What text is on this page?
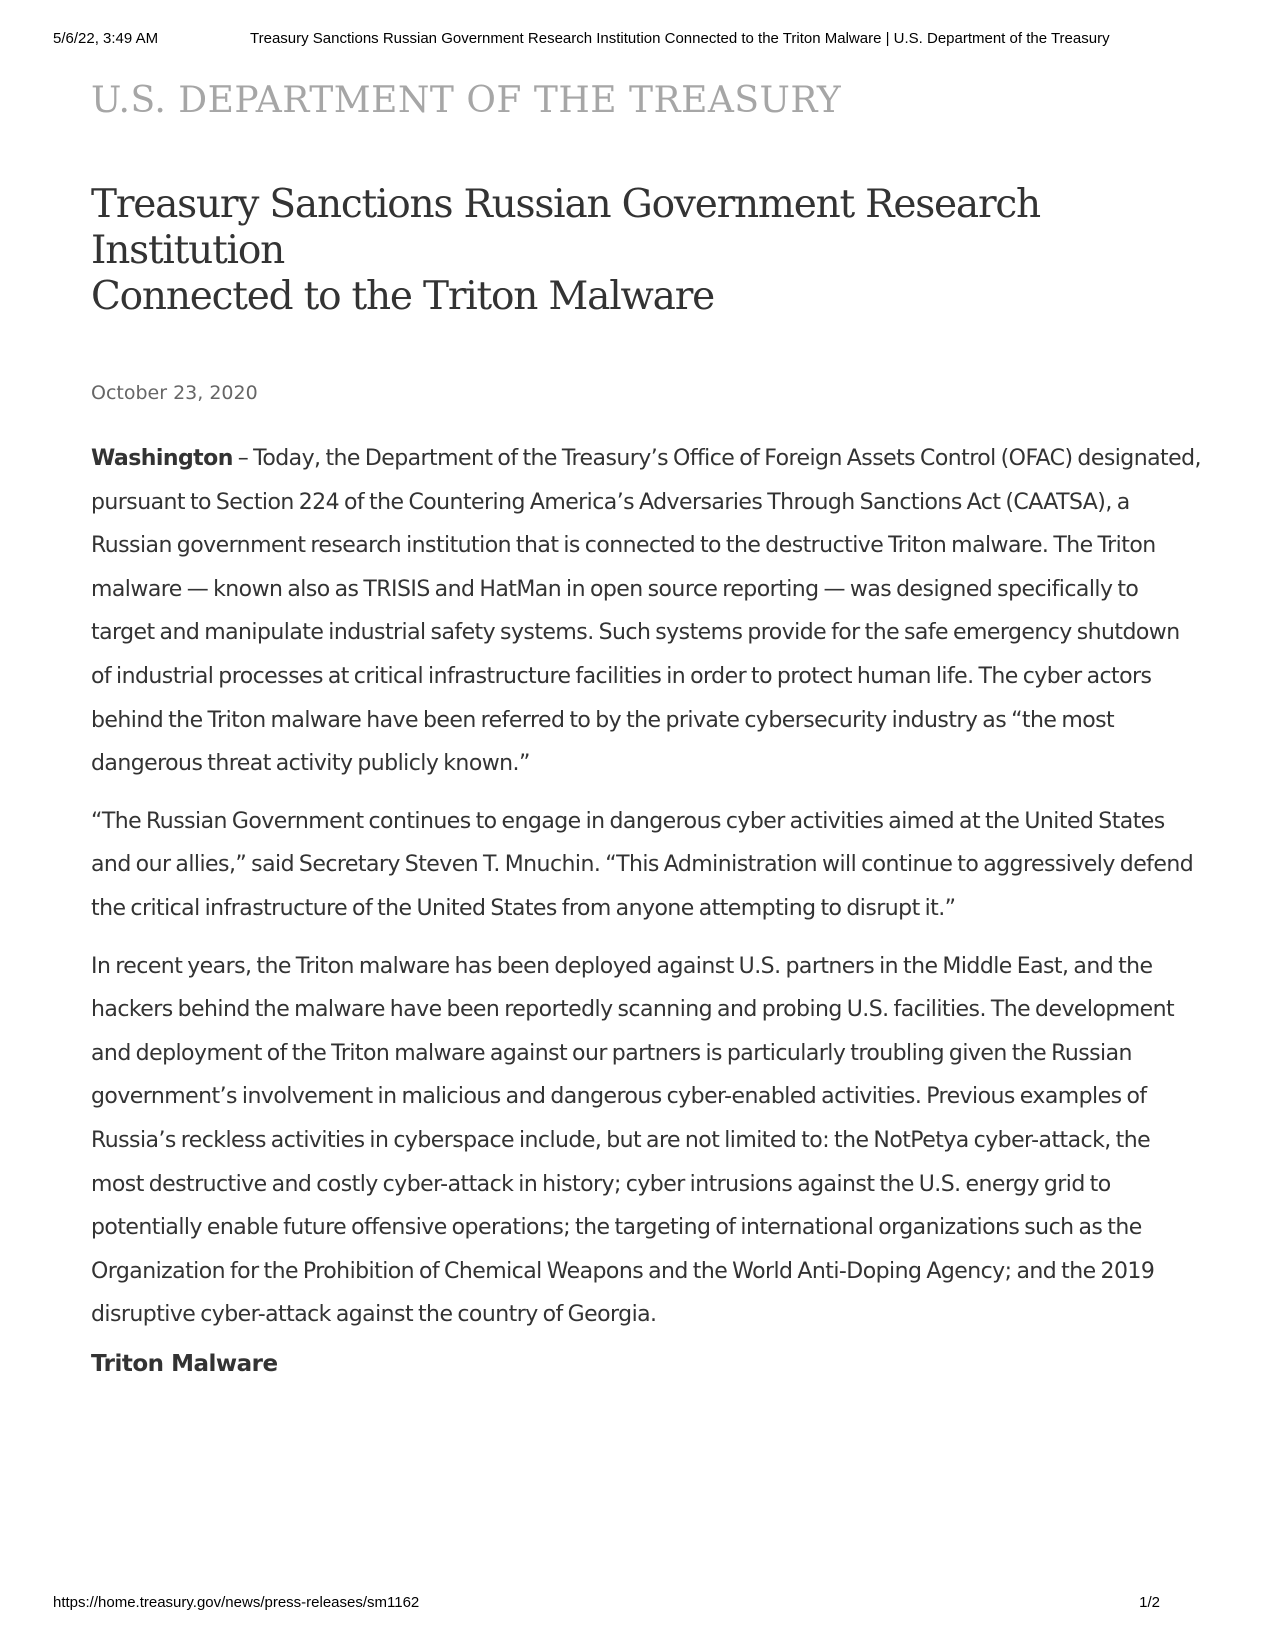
5/6/22, 3:49 AM	Treasury Sanctions Russian Government Research Institution Connected to the Triton Malware | U.S. Department of the Treasury
U.S. DEPARTMENT OF THE TREASURY
Treasury Sanctions Russian Government Research Institution
Connected to the Triton Malware
October 23, 2020

Washington – Today, the Department of the Treasury’s Office of Foreign Assets Control (OFAC) designated, pursuant to Section 224 of the Countering America’s Adversaries Through Sanctions Act (CAATSA), a Russian government research institution that is connected to the destructive Triton malware. The Triton malware — known also as TRISIS and HatMan in open source reporting — was designed specifically to target and manipulate industrial safety systems. Such systems provide for the safe emergency shutdown of industrial processes at critical infrastructure facilities in order to protect human life. The cyber actors behind the Triton malware have been referred to by the private cybersecurity industry as “the most dangerous threat activity publicly known.”

“The Russian Government continues to engage in dangerous cyber activities aimed at the United States and our allies,” said Secretary Steven T. Mnuchin. “This Administration will continue to aggressively defend the critical infrastructure of the United States from anyone attempting to disrupt it.”

In recent years, the Triton malware has been deployed against U.S. partners in the Middle East, and the hackers behind the malware have been reportedly scanning and probing U.S. facilities. The development and deployment of the Triton malware against our partners is particularly troubling given the Russian government’s involvement in malicious and dangerous cyber-enabled activities. Previous examples of Russia’s reckless activities in cyberspace include, but are not limited to: the NotPetya cyber-attack, the most destructive and costly cyber-attack in history; cyber intrusions against the U.S. energy grid to potentially enable future offensive operations; the targeting of international organizations such as the Organization for the Prohibition of Chemical Weapons and the World Anti-Doping Agency; and the 2019 disruptive cyber-attack against the country of Georgia.

Triton Malware
https://home.treasury.gov/news/press-releases/sm1162	1/2
